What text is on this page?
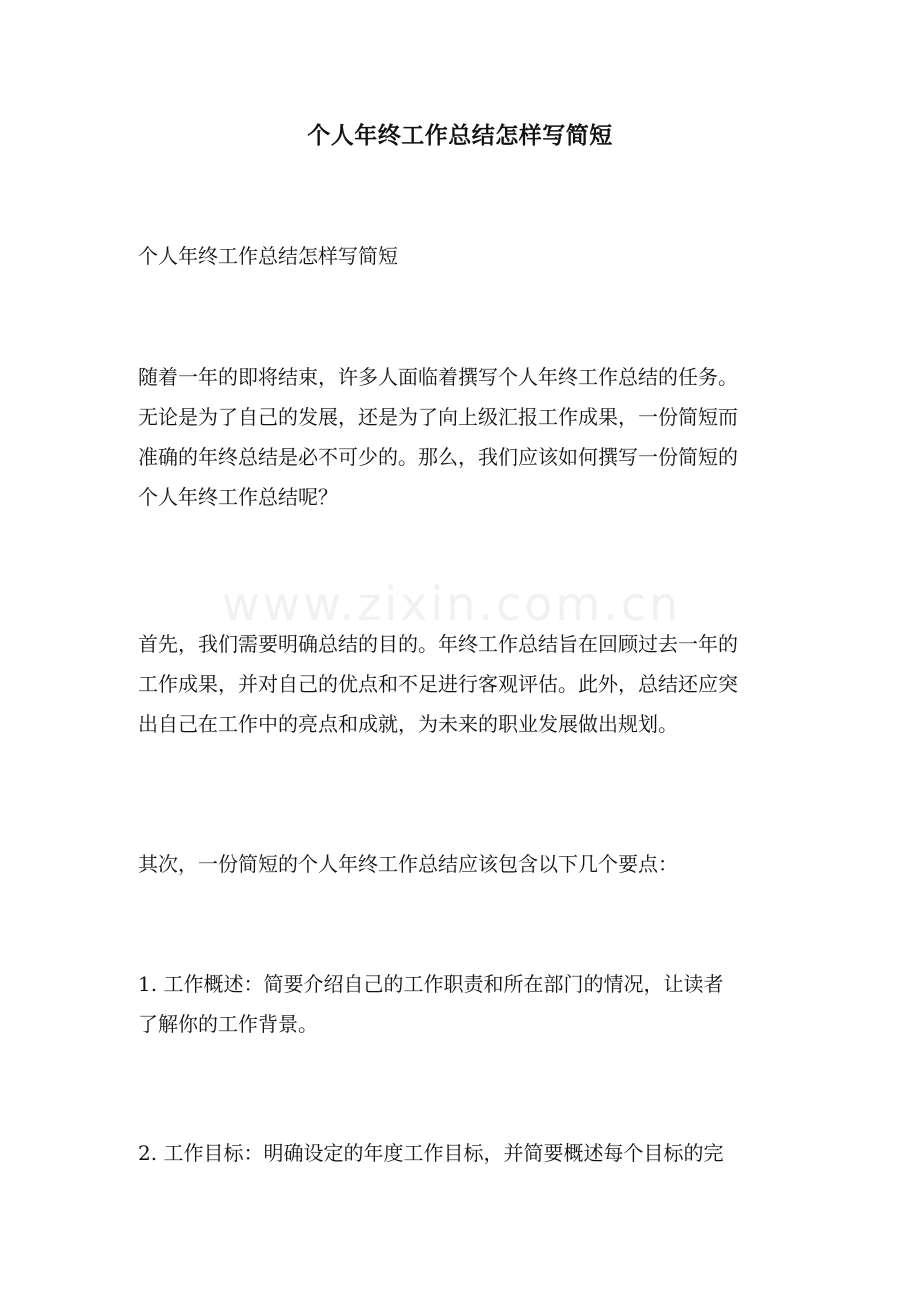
www.zixin.com.cn
个人年终工作总结怎样写简短
个人年终工作总结怎样写简短
随着一年的即将结束，许多人面临着撰写个人年终工作总结的任务。
无论是为了自己的发展，还是为了向上级汇报工作成果，一份简短而
准确的年终总结是必不可少的。那么，我们应该如何撰写一份简短的
个人年终工作总结呢？
首先，我们需要明确总结的目的。年终工作总结旨在回顾过去一年的
工作成果，并对自己的优点和不足进行客观评估。此外，总结还应突
出自己在工作中的亮点和成就，为未来的职业发展做出规划。
其次，一份简短的个人年终工作总结应该包含以下几个要点：
1. 工作概述：简要介绍自己的工作职责和所在部门的情况，让读者
了解你的工作背景。
2. 工作目标：明确设定的年度工作目标，并简要概述每个目标的完
